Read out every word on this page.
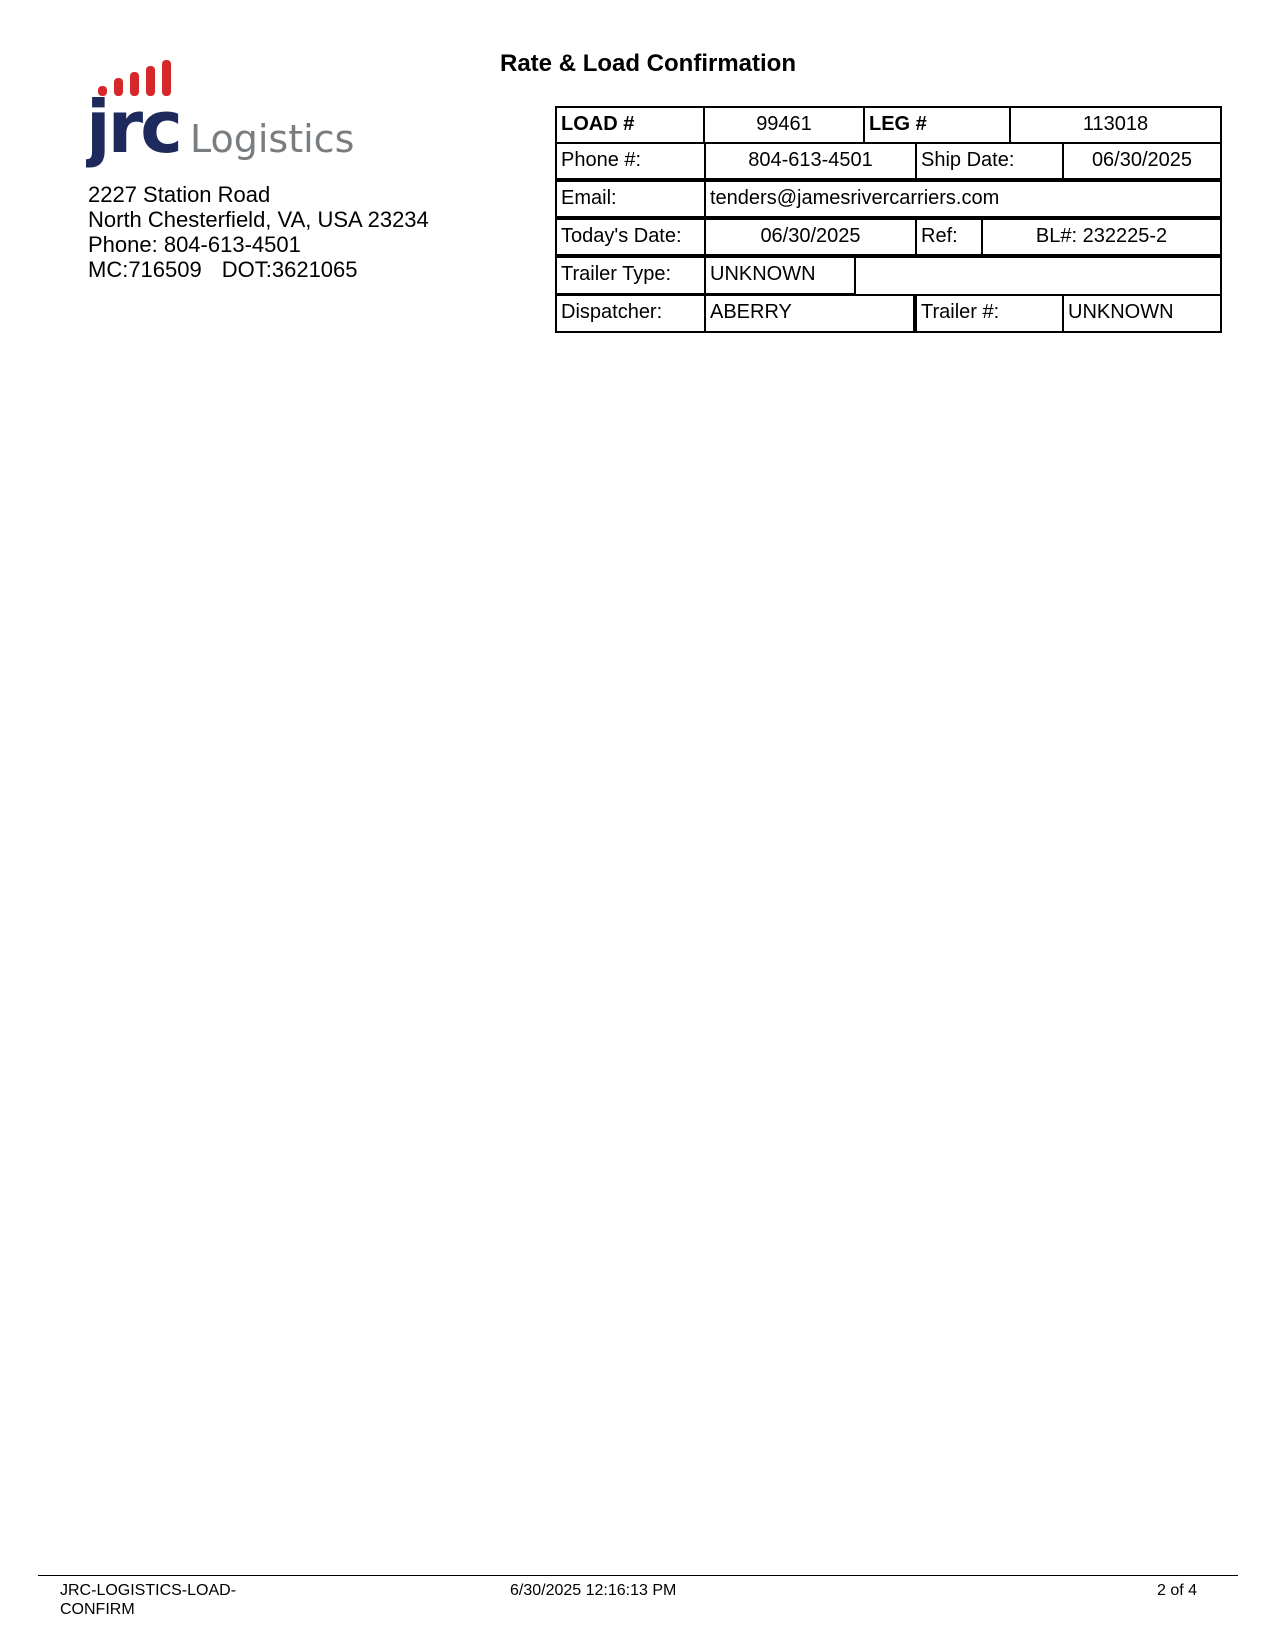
Rate & Load Confirmation
jrc Logistics
2227 Station Road
North Chesterfield, VA, USA 23234
Phone: 804-613-4501
MC:716509 DOT:3621065
LOAD #	99461	LEG #	113018
Phone #:	804-613-4501	Ship Date:	06/30/2025
Email:	tenders@jamesrivercarriers.com
Today's Date:	06/30/2025	Ref:	BL#: 232225-2
Trailer Type:	UNKNOWN
Dispatcher:	ABERRY	Trailer #:	UNKNOWN
JRC-LOGISTICS-LOAD-
CONFIRM
6/30/2025 12:16:13 PM	2 of 4
